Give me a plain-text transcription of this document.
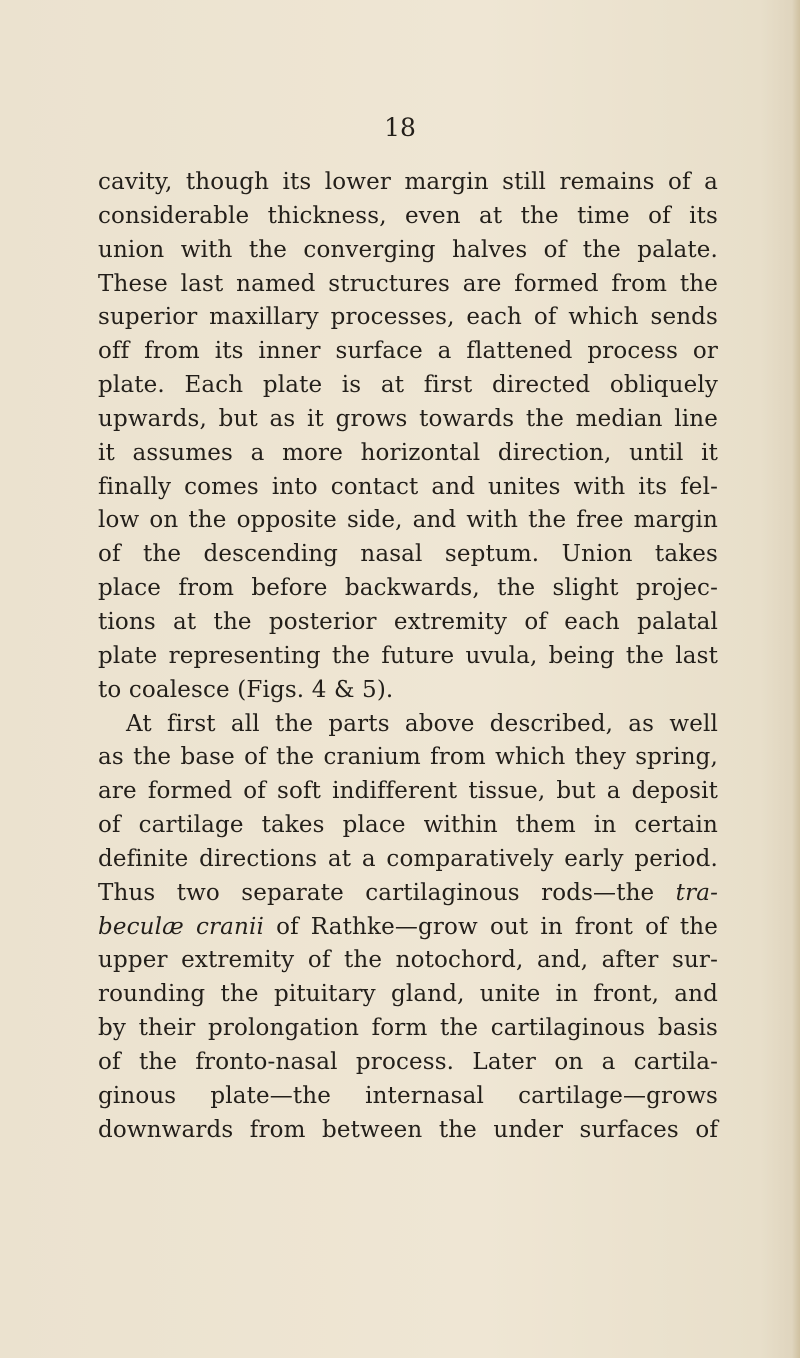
18
cavity, though its lower margin still remains of a
considerable thickness, even at the time of its
union with the converging halves of the palate.
These last named structures are formed from the
superior maxillary processes, each of which sends
off from its inner surface a flattened process or
plate. Each plate is at first directed obliquely
upwards, but as it grows towards the median line
it assumes a more horizontal direction, until it
finally comes into contact and unites with its fel-
low on the opposite side, and with the free margin
of the descending nasal septum. Union takes
place from before backwards, the slight projec-
tions at the posterior extremity of each palatal
plate representing the future uvula, being the last
to coalesce (Figs. 4 & 5).
At first all the parts above described, as well
as the base of the cranium from which they spring,
are formed of soft indifferent tissue, but a deposit
of cartilage takes place within them in certain
definite directions at a comparatively early period.
Thus two separate cartilaginous rods—the tra-
beculæ cranii of Rathke—grow out in front of the
upper extremity of the notochord, and, after sur-
rounding the pituitary gland, unite in front, and
by their prolongation form the cartilaginous basis
of the fronto-nasal process. Later on a cartila-
ginous plate—the internasal cartilage—grows
downwards from between the under surfaces of
